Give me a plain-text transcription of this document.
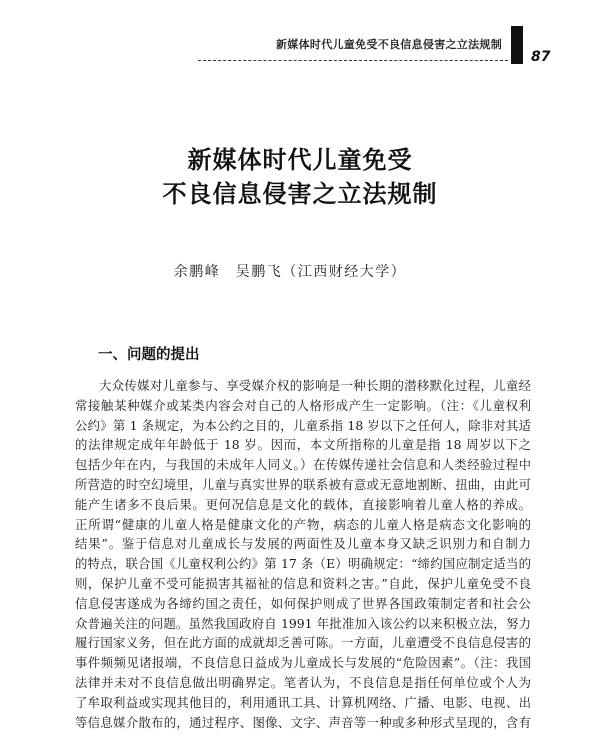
新媒体时代儿童免受不良信息侵害之立法规制
87
新媒体时代儿童免受
不良信息侵害之立法规制
余鹏峰　吴鹏飞（江西财经大学）
一、问题的提出
大众传媒对儿童参与、享受媒介权的影响是一种长期的潜移默化过程，儿童经
常接触某种媒介或某类内容会对自己的人格形成产生一定影响。（注：《儿童权利
公约》第 1 条规定，为本公约之目的，儿童系指 18 岁以下之任何人，除非对其适
的法律规定成年年龄低于 18 岁。因而，本文所指称的儿童是指 18 周岁以下之
包括少年在内，与我国的未成年人同义。）在传媒传递社会信息和人类经验过程中
所营造的时空幻境里，儿童与真实世界的联系被有意或无意地割断、扭曲，由此可
能产生诸多不良后果。更何况信息是文化的载体，直接影响着儿童人格的养成。
正所谓“健康的儿童人格是健康文化的产物，病态的儿童人格是病态文化影响的
结果”。鉴于信息对儿童成长与发展的两面性及儿童本身又缺乏识别力和自制力
的特点，联合国《儿童权利公约》第 17 条（E）明确规定：“缔约国应制定适当的
则，保护儿童不受可能损害其福祉的信息和资料之害。”自此，保护儿童免受不良
信息侵害遂成为各缔约国之责任，如何保护则成了世界各国政策制定者和社会公
众普遍关注的问题。虽然我国政府自 1991 年批准加入该公约以来积极立法，努力
履行国家义务，但在此方面的成就却乏善可陈。一方面，儿童遭受不良信息侵害的
事件频频见诸报端，不良信息日益成为儿童成长与发展的“危险因素”。（注：我国
法律并未对不良信息做出明确界定。笔者认为，不良信息是指任何单位或个人为
了牟取利益或实现其他目的，利用通讯工具、计算机网络、广播、电影、电视、出
等信息媒介散布的，通过程序、图像、文字、声音等一种或多种形式呈现的，含有
